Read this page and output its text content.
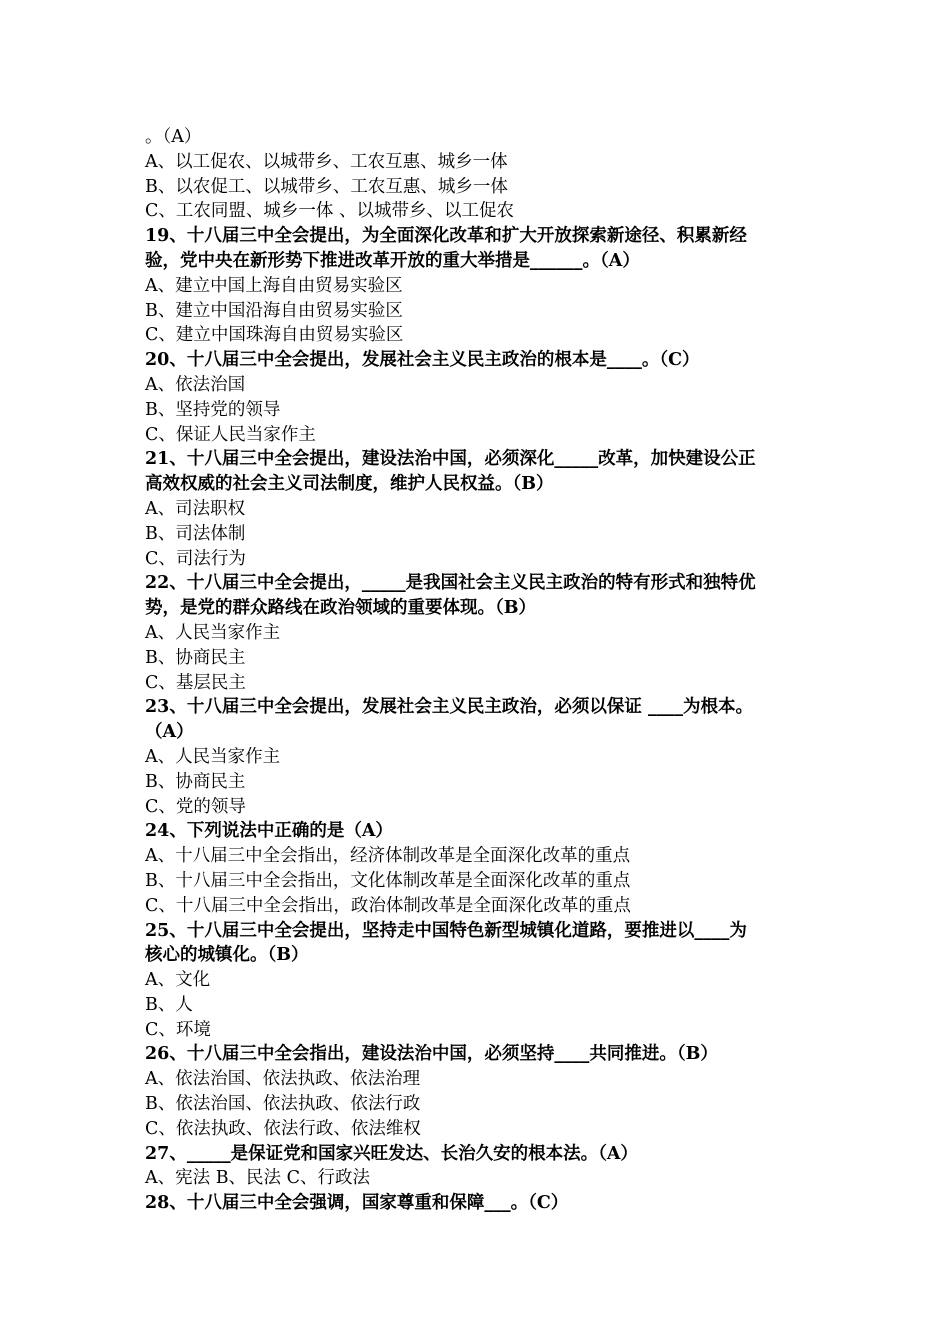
。（A）
A、以工促农、以城带乡、工农互惠、城乡一体
B、以农促工、以城带乡、工农互惠、城乡一体
C、工农同盟、城乡一体 、以城带乡、以工促农
19、十八届三中全会提出，为全面深化改革和扩大开放探索新途径、积累新经
验，党中央在新形势下推进改革开放的重大举措是______。（A）
A、建立中国上海自由贸易实验区
B、建立中国沿海自由贸易实验区
C、建立中国珠海自由贸易实验区
20、十八届三中全会提出，发展社会主义民主政治的根本是____。（C）
A、依法治国
B、坚持党的领导
C、保证人民当家作主
21、十八届三中全会提出，建设法治中国，必须深化_____改革，加快建设公正
高效权威的社会主义司法制度，维护人民权益。（B）
A、司法职权
B、司法体制
C、司法行为
22、十八届三中全会提出，_____是我国社会主义民主政治的特有形式和独特优
势，是党的群众路线在政治领域的重要体现。（B）
A、人民当家作主
B、协商民主
C、基层民主
23、十八届三中全会提出，发展社会主义民主政治，必须以保证 ____为根本。
（A）
A、人民当家作主
B、协商民主
C、党的领导
24、下列说法中正确的是（A）
A、十八届三中全会指出，经济体制改革是全面深化改革的重点
B、十八届三中全会指出，文化体制改革是全面深化改革的重点
C、十八届三中全会指出，政治体制改革是全面深化改革的重点
25、十八届三中全会提出，坚持走中国特色新型城镇化道路，要推进以____为
核心的城镇化。（B）
A、文化
B、人
C、环境
26、十八届三中全会指出，建设法治中国，必须坚持____共同推进。（B）
A、依法治国、依法执政、依法治理
B、依法治国、依法执政、依法行政
C、依法执政、依法行政、依法维权
27、_____是保证党和国家兴旺发达、长治久安的根本法。（A）
A、宪法 B、民法 C、行政法
28、十八届三中全会强调，国家尊重和保障___。（C）
